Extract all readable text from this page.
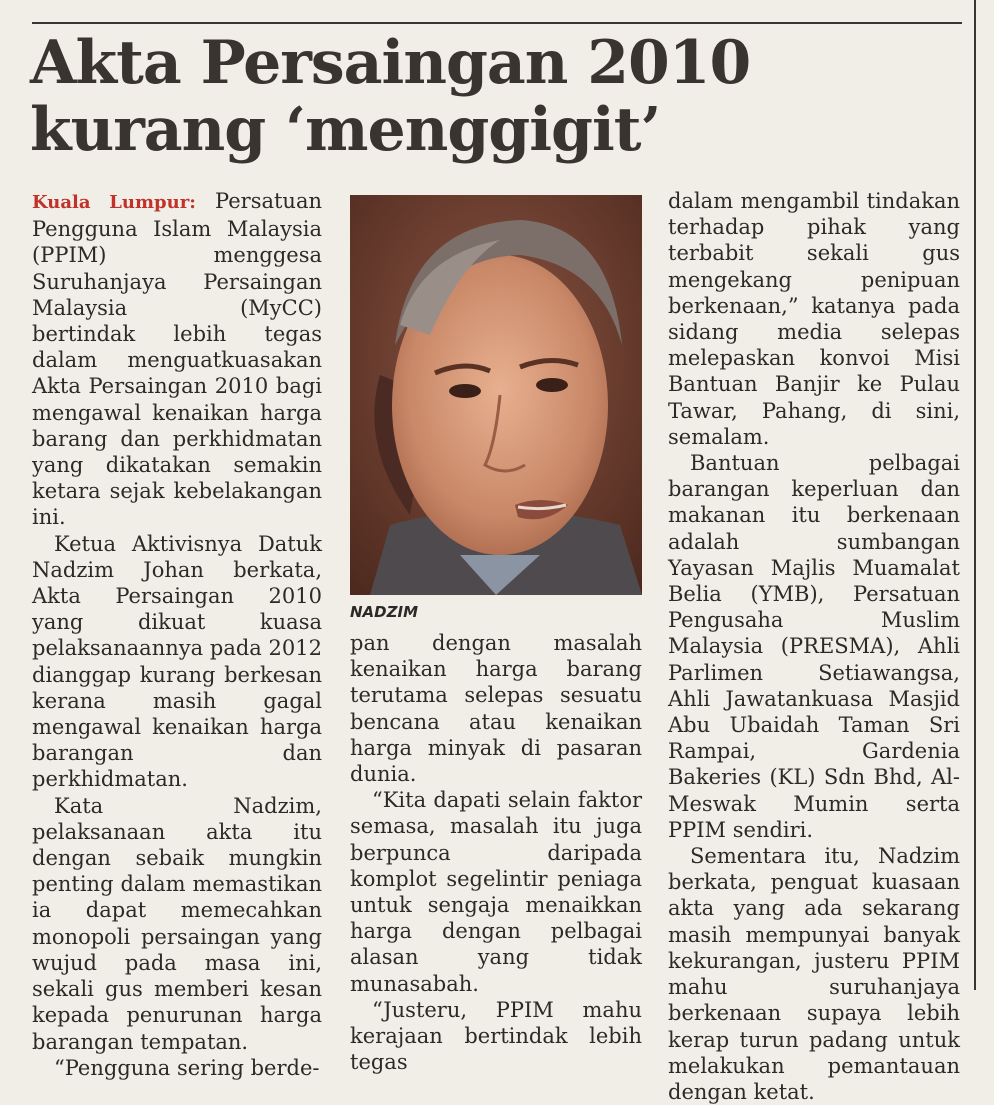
Akta Persaingan 2010
kurang ‘menggigit’

Kuala Lumpur: Persatuan Pengguna Islam Malaysia (PPIM) menggesa Suruhanjaya Persaingan Malaysia (MyCC) bertindak lebih tegas dalam menguatkuasakan Akta Persaingan 2010 bagi mengawal kenaikan harga barang dan perkhidmatan yang dikatakan semakin ketara sejak kebelakangan ini.

Ketua Aktivisnya Datuk Nadzim Johan berkata, Akta Persaingan 2010 yang dikuat kuasa pelaksanaannya pada 2012 dianggap kurang berkesan kerana masih gagal mengawal kenaikan harga barangan dan perkhidmatan.

Kata Nadzim, pelaksanaan akta itu dengan sebaik mungkin penting dalam memastikan ia dapat memecahkan monopoli persaingan yang wujud pada masa ini, sekali gus memberi kesan kepada penurunan harga barangan tempatan.

“Pengguna sering berde-

NADZIM

pan dengan masalah kenaikan harga barang terutama selepas sesuatu bencana atau kenaikan harga minyak di pasaran dunia.

“Kita dapati selain faktor semasa, masalah itu juga berpunca daripada komplot segelintir peniaga untuk sengaja menaikkan harga dengan pelbagai alasan yang tidak munasabah.

“Justeru, PPIM mahu kerajaan bertindak lebih tegas

dalam mengambil tindakan terhadap pihak yang terbabit sekali gus mengekang penipuan berkenaan,” katanya pada sidang media selepas melepaskan konvoi Misi Bantuan Banjir ke Pulau Tawar, Pahang, di sini, semalam.

Bantuan pelbagai barangan keperluan dan makanan itu berkenaan adalah sumbangan Yayasan Majlis Muamalat Belia (YMB), Persatuan Pengusaha Muslim Malaysia (PRESMA), Ahli Parlimen Setiawangsa, Ahli Jawatankuasa Masjid Abu Ubaidah Taman Sri Rampai, Gardenia Bakeries (KL) Sdn Bhd, Al-Meswak Mumin serta PPIM sendiri.

Sementara itu, Nadzim berkata, penguat kuasaan akta yang ada sekarang masih mempunyai banyak kekurangan, justeru PPIM mahu suruhanjaya berkenaan supaya lebih kerap turun padang untuk melakukan pemantauan dengan ketat.
